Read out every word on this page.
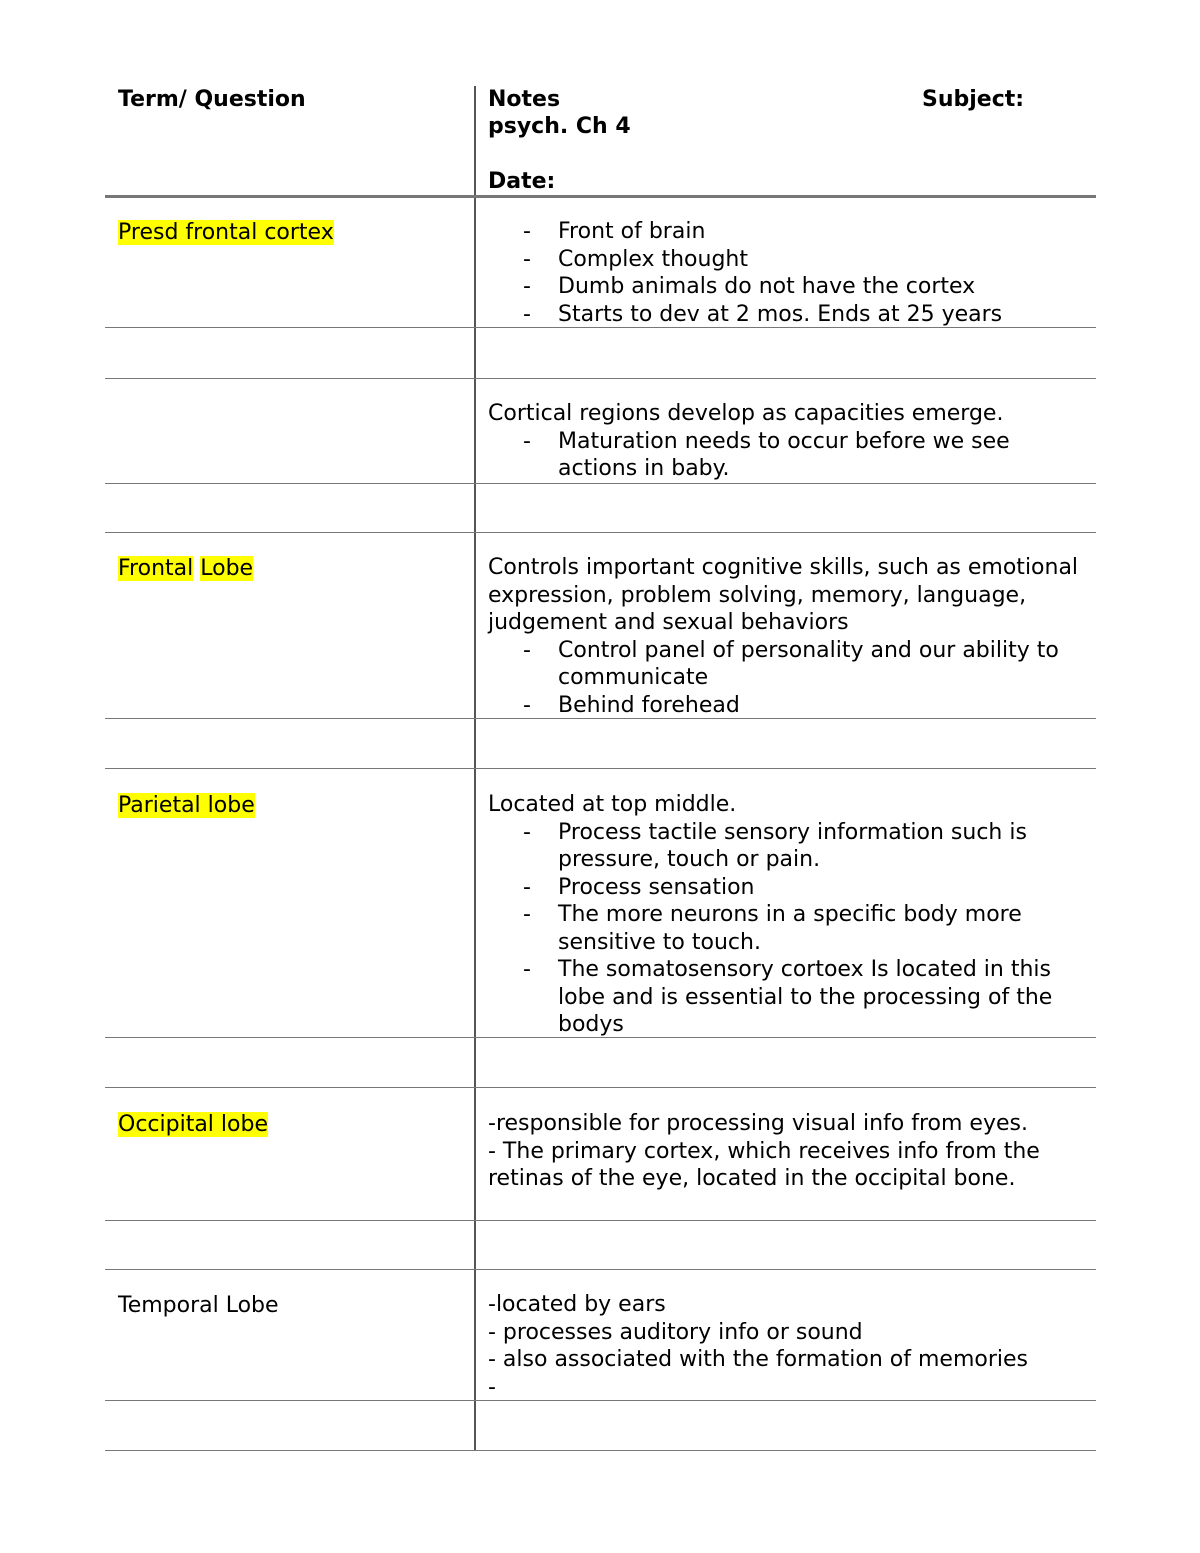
Term/ Question	Notes	Subject:
psych. Ch 4
Date:
Presd frontal cortex
-	Front of brain
- Complex thought
- Dumb animals do not have the cortex
- Starts to dev at 2 mos. Ends at 25 years

Cortical regions develop as capacities emerge.

- Maturation needs to occur before we see actions in baby.
Frontal Lobe	Controls important cognitive skills, such as emotional expression, problem solving, memory, language, judgement and sexual behaviors

- Control panel of personality and our ability to communicate
- Behind forehead
Parietal lobe	Located at top middle.

- Process tactile sensory information such is pressure, touch or pain.
- Process sensation
- The more neurons in a specific body more sensitive to touch.
- The somatosensory cortoex Is located in this lobe and is essential to the processing of the bodys
Occipital lobe	-responsible for processing visual info from eyes.

- The primary cortex, which receives info from the retinas of the eye, located in the occipital bone.

Temporal Lobe	-located by ears

- processes auditory info or sound

- also associated with the formation of memories

-
